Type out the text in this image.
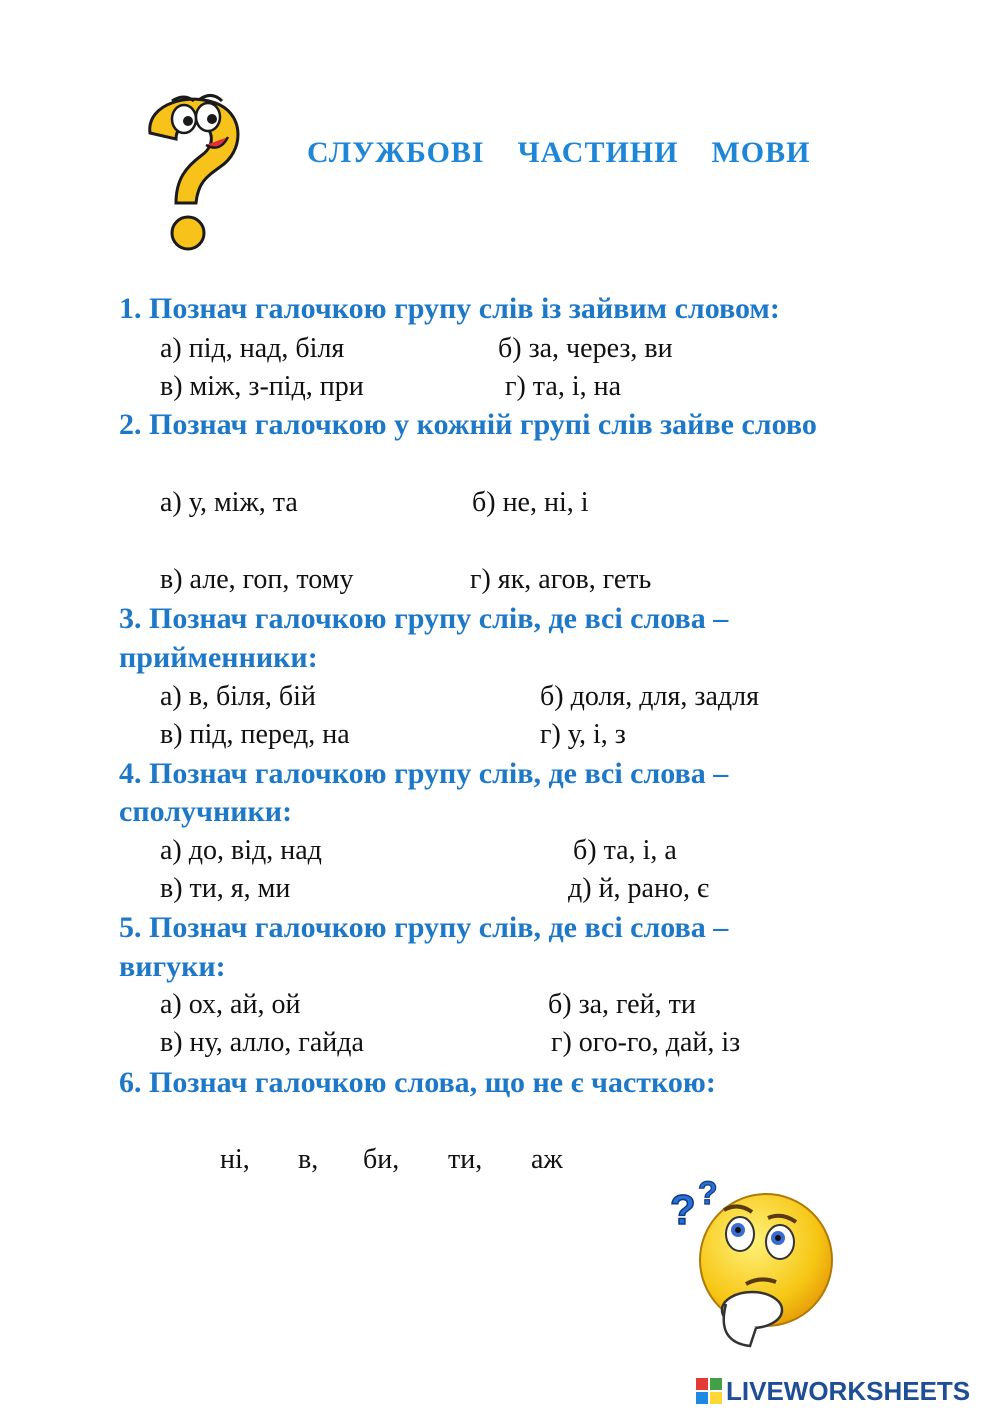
СЛУЖБОВІ  ЧАСТИНИ  МОВИ
1. Познач галочкою групу слів із зайвим словом:
а) під, над, біля	б) за, через, ви
в) між, з-під, при	г) та, і, на
2. Познач галочкою у кожній групі слів зайве слово
а) у, між, та	б) не, ні, і
в) але, гоп, тому	г) як, агов, геть
3. Познач галочкою групу слів, де всі слова –
прийменники:
а) в, біля, бій	б) доля, для, задля
в) під, перед, на	г) у, і, з
4. Познач галочкою групу слів, де всі слова –
сполучники:
а) до, від, над	б) та, і, а
в) ти, я, ми	д) й, рано, є
5. Познач галочкою групу слів, де всі слова –
вигуки:
а) ох, ай, ой	б) за, гей, ти
в) ну, алло, гайда	г) ого-го, дай, із
6. Познач галочкою слова, що не є часткою:
ні, в, би, ти, аж
? ?
LIVEWORKSHEETS
